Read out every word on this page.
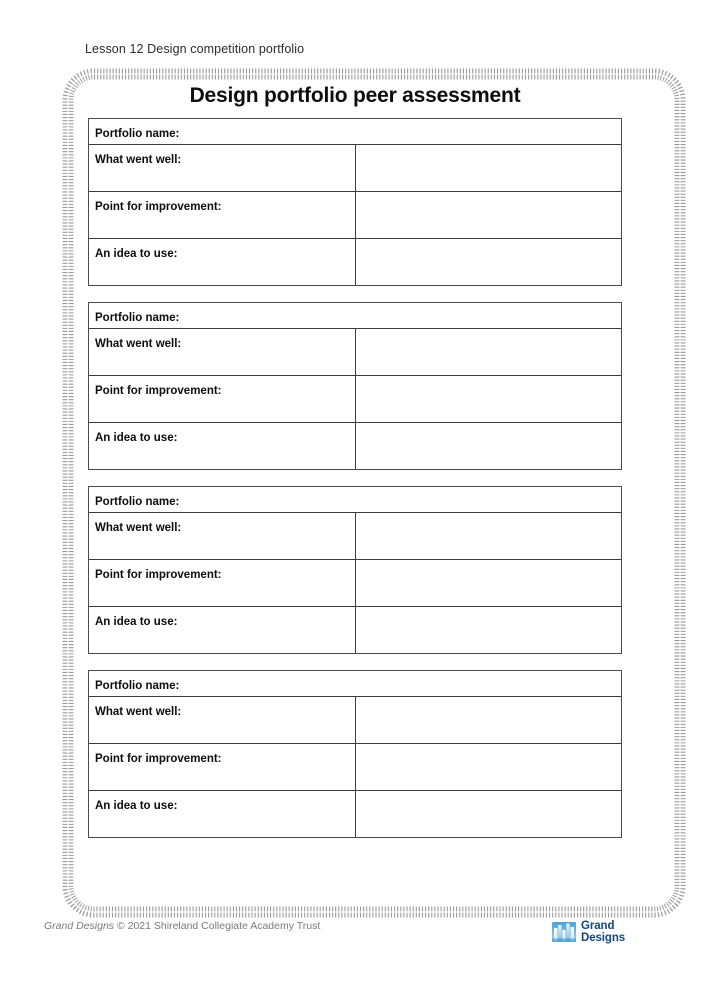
Lesson 12 Design competition portfolio
Design portfolio peer assessment
Portfolio name:	
What went well:	
Point for improvement:	
An idea to use:	
Portfolio name:	
What went well:	
Point for improvement:	
An idea to use:	
Portfolio name:	
What went well:	
Point for improvement:	
An idea to use:	
Portfolio name:	
What went well:	
Point for improvement:	
An idea to use:	
Grand Designs © 2021 Shireland Collegiate Academy Trust	Grand
Designs
